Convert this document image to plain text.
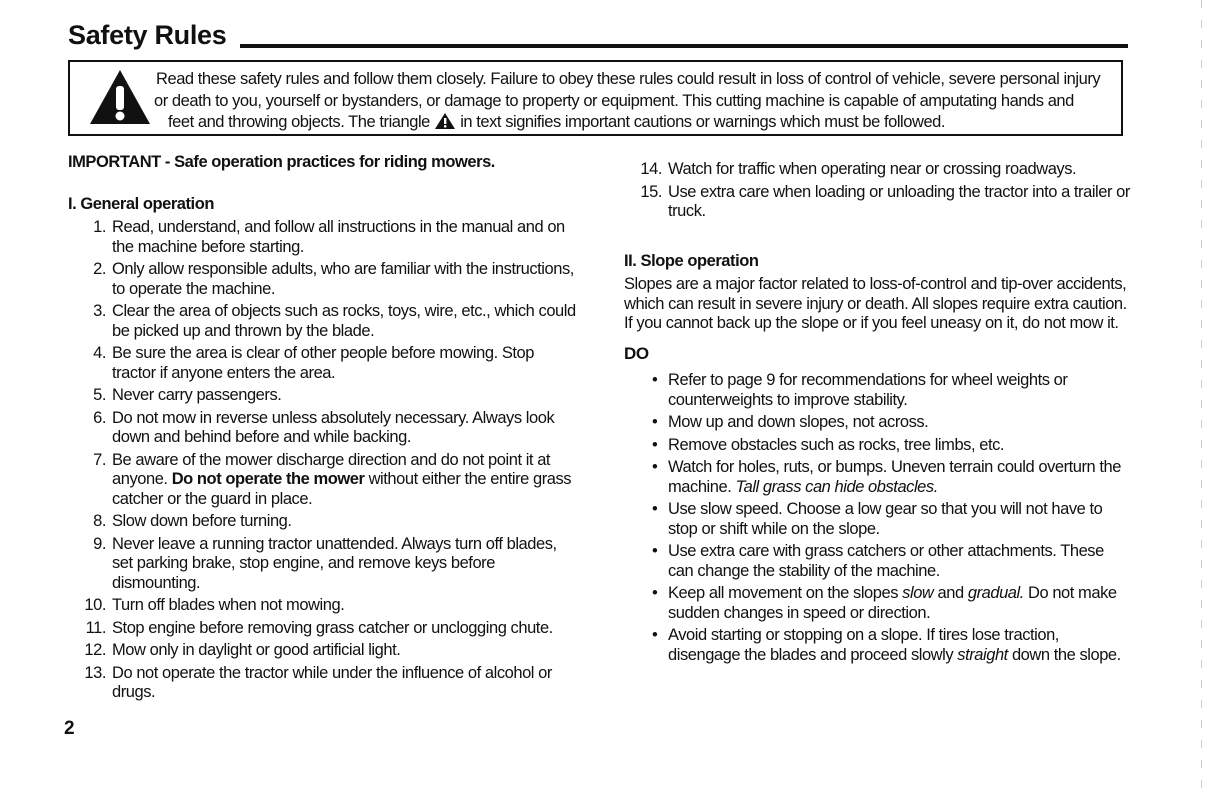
Safety Rules
Read these safety rules and follow them closely. Failure to obey these rules could result in loss of control of vehicle, severe personal injury
or death to you, yourself or bystanders, or damage to property or equipment. This cutting machine is capable of amputating hands and
feet and throwing objects. The triangle in text signifies important cautions or warnings which must be followed.
IMPORTANT - Safe operation practices for riding mowers.
I. General operation
1. Read, understand, and follow all instructions in the manual and on the machine before starting.
2. Only allow responsible adults, who are familiar with the instructions, to operate the machine.
3. Clear the area of objects such as rocks, toys, wire, etc., which could be picked up and thrown by the blade.
4. Be sure the area is clear of other people before mowing. Stop tractor if anyone enters the area.
5. Never carry passengers.
6. Do not mow in reverse unless absolutely necessary. Always look down and behind before and while backing.
7. Be aware of the mower discharge direction and do not point it at anyone. Do not operate the mower without either the entire grass catcher or the guard in place.
8. Slow down before turning.
9. Never leave a running tractor unattended. Always turn off blades, set parking brake, stop engine, and remove keys before dismounting.
10. Turn off blades when not mowing.
11. Stop engine before removing grass catcher or unclogging chute.
12. Mow only in daylight or good artificial light.
13. Do not operate the tractor while under the influence of alcohol or drugs.
14. Watch for traffic when operating near or crossing roadways.
15. Use extra care when loading or unloading the tractor into a trailer or truck.
II. Slope operation

Slopes are a major factor related to loss-of-control and tip-over accidents, which can result in severe injury or death. All slopes require extra caution. If you cannot back up the slope or if you feel uneasy on it, do not mow it.

DO
• Refer to page 9 for recommendations for wheel weights or counterweights to improve stability.
• Mow up and down slopes, not across.
• Remove obstacles such as rocks, tree limbs, etc.
• Watch for holes, ruts, or bumps. Uneven terrain could overturn the machine. Tall grass can hide obstacles.
• Use slow speed. Choose a low gear so that you will not have to stop or shift while on the slope.
• Use extra care with grass catchers or other attachments. These can change the stability of the machine.
• Keep all movement on the slopes slow and gradual. Do not make sudden changes in speed or direction.
• Avoid starting or stopping on a slope. If tires lose traction, disengage the blades and proceed slowly straight down the slope.
2
